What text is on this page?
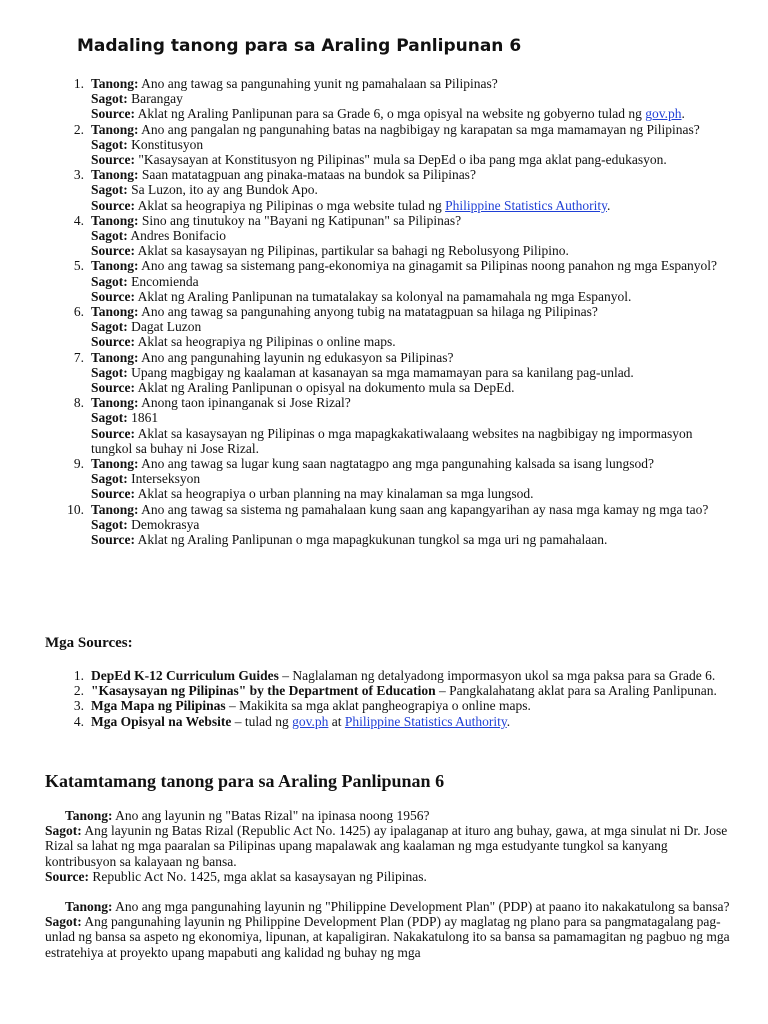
Madaling tanong para sa Araling Panlipunan 6
1. Tanong: Ano ang tawag sa pangunahing yunit ng pamahalaan sa Pilipinas?
Sagot: Barangay
Source: Aklat ng Araling Panlipunan para sa Grade 6, o mga opisyal na website ng gobyerno tulad ng gov.ph.
2. Tanong: Ano ang pangalan ng pangunahing batas na nagbibigay ng karapatan sa mga mamamayan ng Pilipinas?
Sagot: Konstitusyon
Source: "Kasaysayan at Konstitusyon ng Pilipinas" mula sa DepEd o iba pang mga aklat pang-edukasyon.
3. Tanong: Saan matatagpuan ang pinaka-mataas na bundok sa Pilipinas?
Sagot: Sa Luzon, ito ay ang Bundok Apo.
Source: Aklat sa heograpiya ng Pilipinas o mga website tulad ng Philippine Statistics Authority.
4. Tanong: Sino ang tinutukoy na "Bayani ng Katipunan" sa Pilipinas?
Sagot: Andres Bonifacio
Source: Aklat sa kasaysayan ng Pilipinas, partikular sa bahagi ng Rebolusyong Pilipino.
5. Tanong: Ano ang tawag sa sistemang pang-ekonomiya na ginagamit sa Pilipinas noong panahon ng mga Espanyol?
Sagot: Encomienda
Source: Aklat ng Araling Panlipunan na tumatalakay sa kolonyal na pamamahala ng mga Espanyol.
6. Tanong: Ano ang tawag sa pangunahing anyong tubig na matatagpuan sa hilaga ng Pilipinas?
Sagot: Dagat Luzon
Source: Aklat sa heograpiya ng Pilipinas o online maps.
7. Tanong: Ano ang pangunahing layunin ng edukasyon sa Pilipinas?
Sagot: Upang magbigay ng kaalaman at kasanayan sa mga mamamayan para sa kanilang pag-unlad.
Source: Aklat ng Araling Panlipunan o opisyal na dokumento mula sa DepEd.
8. Tanong: Anong taon ipinanganak si Jose Rizal?
Sagot: 1861
Source: Aklat sa kasaysayan ng Pilipinas o mga mapagkakatiwalaang websites na nagbibigay ng impormasyon tungkol sa buhay ni Jose Rizal.
9. Tanong: Ano ang tawag sa lugar kung saan nagtatagpo ang mga pangunahing kalsada sa isang lungsod?
Sagot: Interseksyon
Source: Aklat sa heograpiya o urban planning na may kinalaman sa mga lungsod.
10. Tanong: Ano ang tawag sa sistema ng pamahalaan kung saan ang kapangyarihan ay nasa mga kamay ng mga tao?
Sagot: Demokrasya
Source: Aklat ng Araling Panlipunan o mga mapagkukunan tungkol sa mga uri ng pamahalaan.
Mga Sources:
1. DepEd K-12 Curriculum Guides – Naglalaman ng detalyadong impormasyon ukol sa mga paksa para sa Grade 6.
2. "Kasaysayan ng Pilipinas" by the Department of Education – Pangkalahatang aklat para sa Araling Panlipunan.
3. Mga Mapa ng Pilipinas – Makikita sa mga aklat pangheograpiya o online maps.
4. Mga Opisyal na Website – tulad ng gov.ph at Philippine Statistics Authority.
Katamtamang tanong para sa Araling Panlipunan 6
Tanong: Ano ang layunin ng "Batas Rizal" na ipinasa noong 1956?
Sagot: Ang layunin ng Batas Rizal (Republic Act No. 1425) ay ipalaganap at ituro ang buhay, gawa, at mga sinulat ni Dr. Jose Rizal sa lahat ng mga paaralan sa Pilipinas upang mapalawak ang kaalaman ng mga estudyante tungkol sa kanyang kontribusyon sa kalayaan ng bansa.
Source: Republic Act No. 1425, mga aklat sa kasaysayan ng Pilipinas.
Tanong: Ano ang mga pangunahing layunin ng "Philippine Development Plan" (PDP) at paano ito nakakatulong sa bansa?
Sagot: Ang pangunahing layunin ng Philippine Development Plan (PDP) ay maglatag ng plano para sa pangmatagalang pag-unlad ng bansa sa aspeto ng ekonomiya, lipunan, at kapaligiran. Nakakatulong ito sa bansa sa pamamagitan ng pagbuo ng mga estratehiya at proyekto upang mapabuti ang kalidad ng buhay ng mga
